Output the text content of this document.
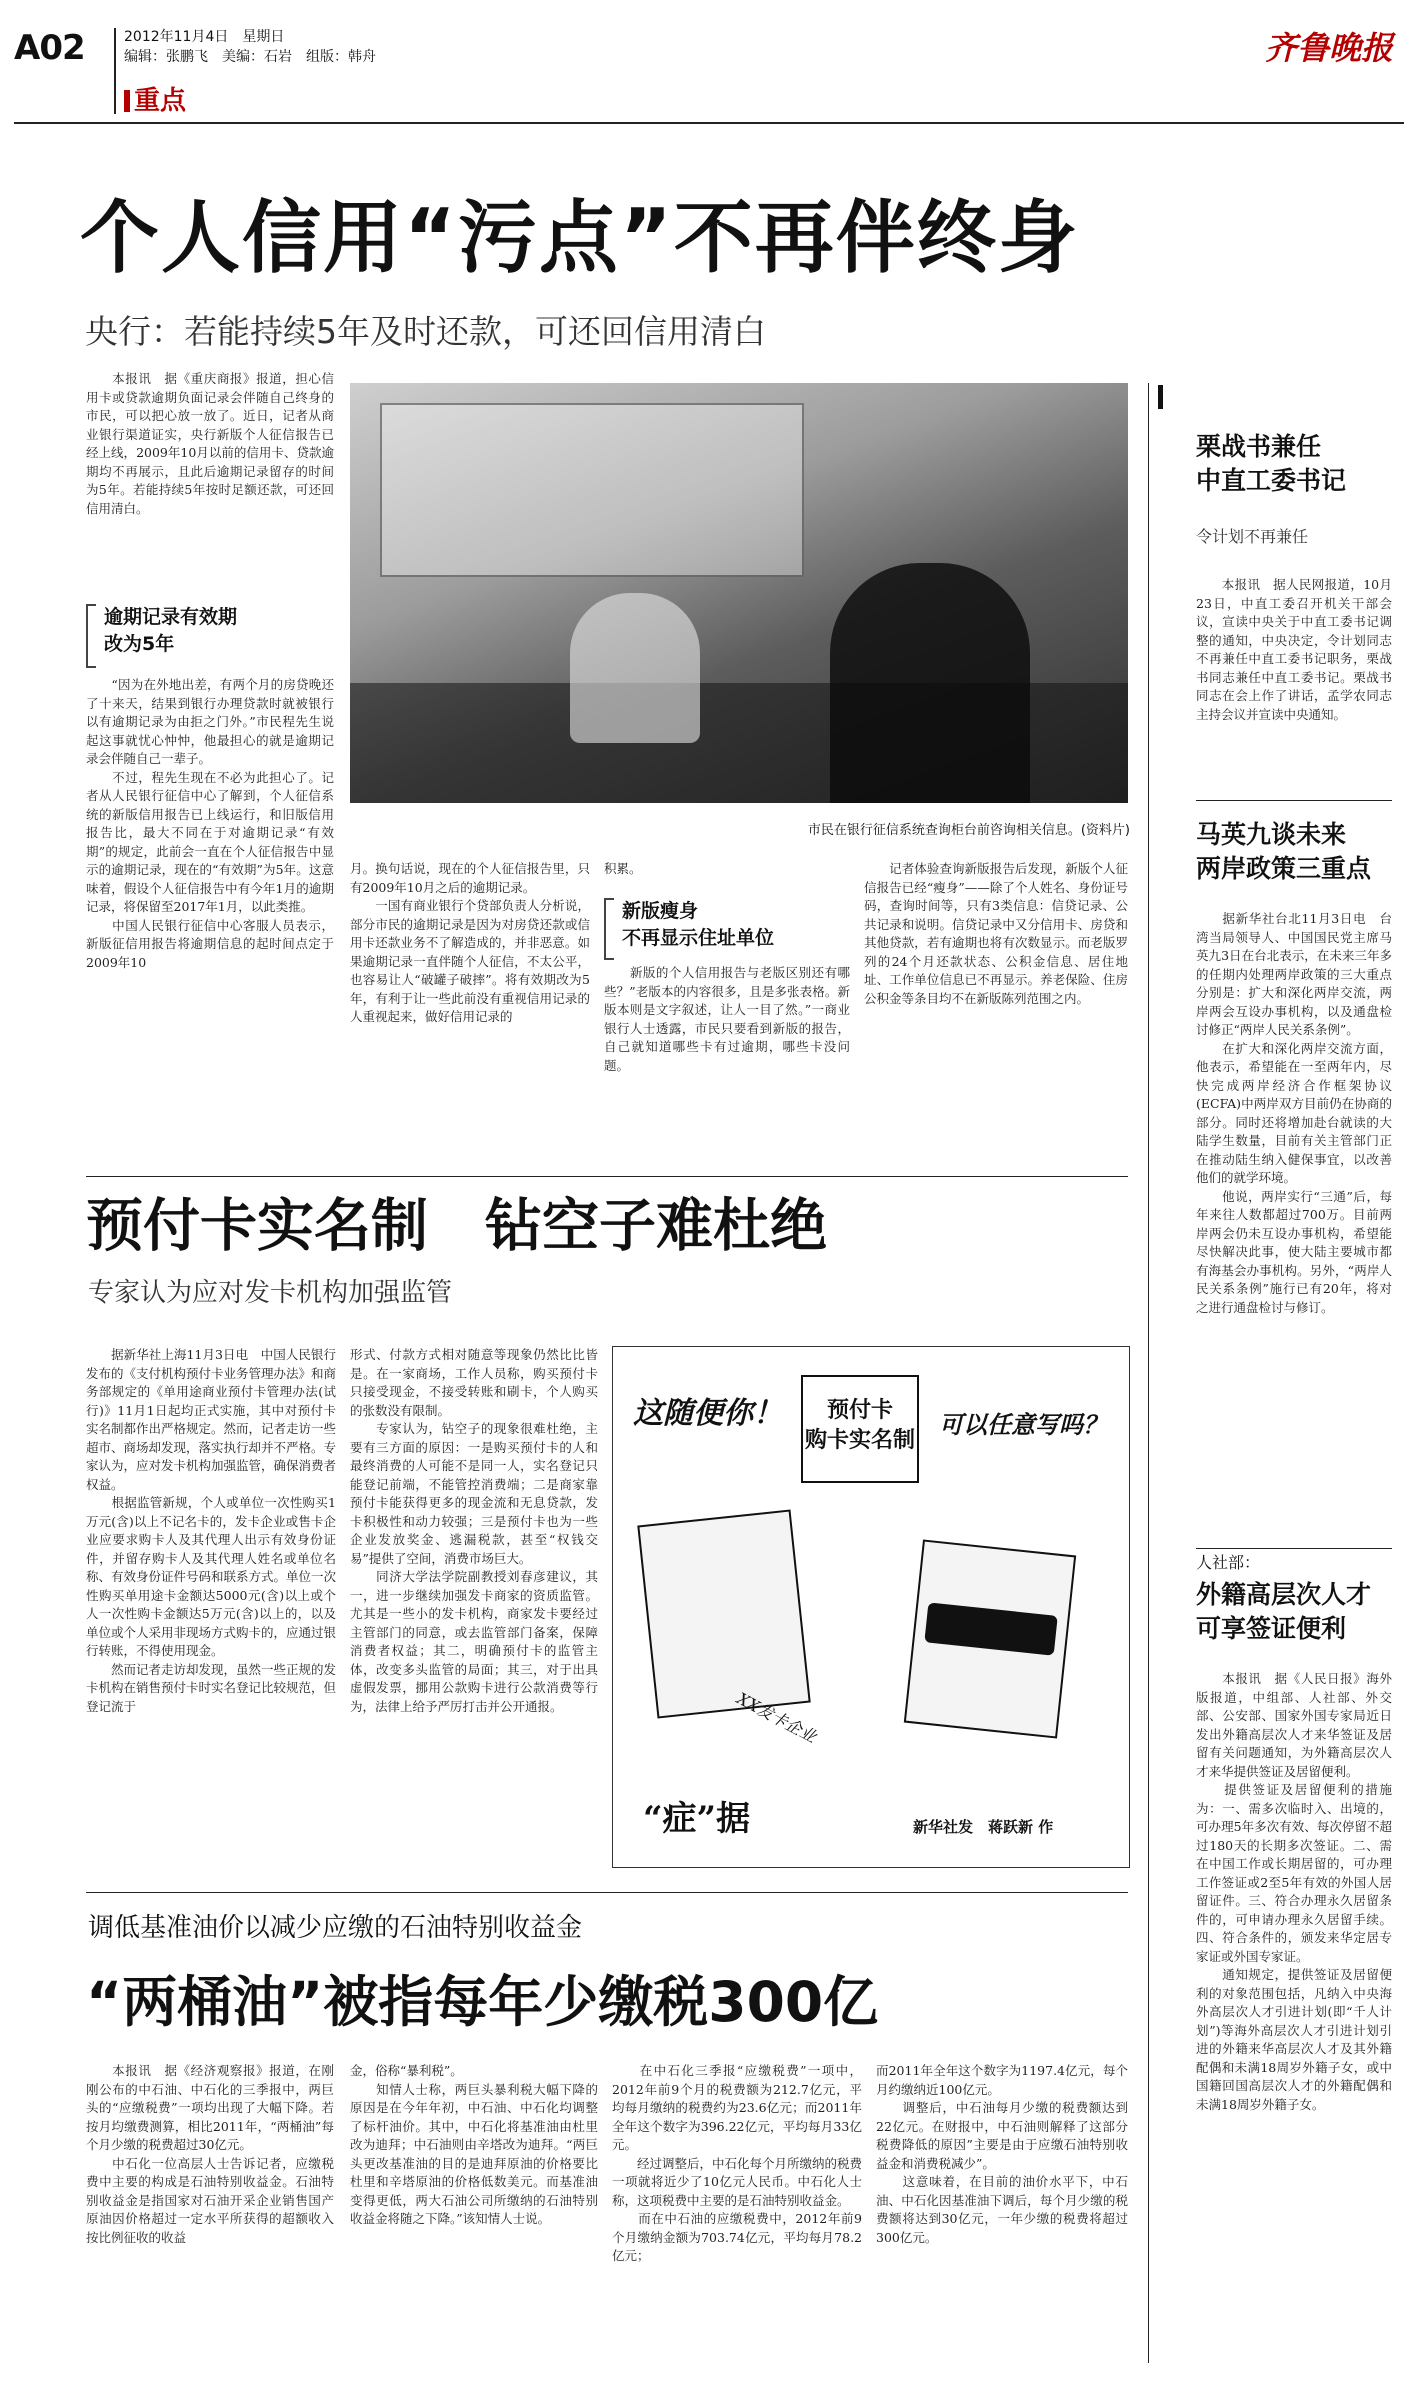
A02	2012年11月4日　星期日
编辑：张鹏飞　美编：石岩　组版：韩舟
重点
齐鲁晚报
个人信用“污点”不再伴终身
央行：若能持续5年及时还款，可还回信用清白
　　本报讯　据《重庆商报》报道，担心信用卡或贷款逾期负面记录会伴随自己终身的市民，可以把心放一放了。近日，记者从商业银行渠道证实，央行新版个人征信报告已经上线，2009年10月以前的信用卡、贷款逾期均不再展示，且此后逾期记录留存的时间为5年。若能持续5年按时足额还款，可还回信用清白。
逾期记录有效期
改为5年
　　“因为在外地出差，有两个月的房贷晚还了十来天，结果到银行办理贷款时就被银行以有逾期记录为由拒之门外。”市民程先生说起这事就忧心忡忡，他最担心的就是逾期记录会伴随自己一辈子。
　　不过，程先生现在不必为此担心了。记者从人民银行征信中心了解到，个人征信系统的新版信用报告已上线运行，和旧版信用报告比，最大不同在于对逾期记录“有效期”的规定，此前会一直在个人征信报告中显示的逾期记录，现在的“有效期”为5年。这意味着，假设个人征信报告中有今年1月的逾期记录，将保留至2017年1月，以此类推。
　　中国人民银行征信中心客服人员表示，新版征信用报告将逾期信息的起时间点定于2009年10
市民在银行征信系统查询柜台前咨询相关信息。(资料片)
月。换句话说，现在的个人征信报告里，只有2009年10月之后的逾期记录。
　　一国有商业银行个贷部负责人分析说，部分市民的逾期记录是因为对房贷还款或信用卡还款业务不了解造成的，并非恶意。如果逾期记录一直伴随个人征信，不太公平，也容易让人“破罐子破摔”。将有效期改为5年，有利于让一些此前没有重视信用记录的人重视起来，做好信用记录的
积累。
新版瘦身
不再显示住址单位
　　新版的个人信用报告与老版区别还有哪些？”老版本的内容很多，且是多张表格。新版本则是文字叙述，让人一目了然。”一商业银行人士透露，市民只要看到新版的报告，自己就知道哪些卡有过逾期，哪些卡没问题。
　　记者体验查询新版报告后发现，新版个人征信报告已经“瘦身”——除了个人姓名、身份证号码，查询时间等，只有3类信息：信贷记录、公共记录和说明。信贷记录中又分信用卡、房贷和其他贷款，若有逾期也将有次数显示。而老版罗列的24个月还款状态、公积金信息、居住地址、工作单位信息已不再显示。养老保险、住房公积金等条目均不在新版陈列范围之内。
栗战书兼任
中直工委书记
令计划不再兼任
　　本报讯　据人民网报道，10月23日，中直工委召开机关干部会议，宣读中央关于中直工委书记调整的通知，中央决定，令计划同志不再兼任中直工委书记职务，栗战书同志兼任中直工委书记。栗战书同志在会上作了讲话，孟学农同志主持会议并宣读中央通知。
马英九谈未来
两岸政策三重点
　　据新华社台北11月3日电　台湾当局领导人、中国国民党主席马英九3日在台北表示，在未来三年多的任期内处理两岸政策的三大重点分别是：扩大和深化两岸交流，两岸两会互设办事机构，以及通盘检讨修正“两岸人民关系条例”。
　　在扩大和深化两岸交流方面，他表示，希望能在一至两年内，尽快完成两岸经济合作框架协议(ECFA)中两岸双方目前仍在协商的部分。同时还将增加赴台就读的大陆学生数量，目前有关主管部门正在推动陆生纳入健保事宜，以改善他们的就学环境。
　　他说，两岸实行“三通”后，每年来往人数都超过700万。目前两岸两会仍未互设办事机构，希望能尽快解决此事，使大陆主要城市都有海基会办事机构。另外，“两岸人民关系条例”施行已有20年，将对之进行通盘检讨与修订。
人社部：
外籍高层次人才
可享签证便利
　　本报讯　据《人民日报》海外版报道，中组部、人社部、外交部、公安部、国家外国专家局近日发出外籍高层次人才来华签证及居留有关问题通知，为外籍高层次人才来华提供签证及居留便利。
　　提供签证及居留便利的措施为：一、需多次临时入、出境的，可办理5年多次有效、每次停留不超过180天的长期多次签证。二、需在中国工作或长期居留的，可办理工作签证或2至5年有效的外国人居留证件。三、符合办理永久居留条件的，可申请办理永久居留手续。四、符合条件的，颁发来华定居专家证或外国专家证。
　　通知规定，提供签证及居留便利的对象范围包括，凡纳入中央海外高层次人才引进计划(即“千人计划”)等海外高层次人才引进计划引进的外籍来华高层次人才及其外籍配偶和未满18周岁外籍子女，或中国籍回国高层次人才的外籍配偶和未满18周岁外籍子女。
预付卡实名制　钻空子难杜绝
专家认为应对发卡机构加强监管
　　据新华社上海11月3日电　中国人民银行发布的《支付机构预付卡业务管理办法》和商务部规定的《单用途商业预付卡管理办法(试行)》11月1日起均正式实施，其中对预付卡实名制都作出严格规定。然而，记者走访一些超市、商场却发现，落实执行却并不严格。专家认为，应对发卡机构加强监管，确保消费者权益。
　　根据监管新规，个人或单位一次性购买1万元(含)以上不记名卡的，发卡企业或售卡企业应要求购卡人及其代理人出示有效身份证件，并留存购卡人及其代理人姓名或单位名称、有效身份证件号码和联系方式。单位一次性购买单用途卡金额达5000元(含)以上或个人一次性购卡金额达5万元(含)以上的，以及单位或个人采用非现场方式购卡的，应通过银行转账，不得使用现金。
　　然而记者走访却发现，虽然一些正规的发卡机构在销售预付卡时实名登记比较规范，但登记流于
形式、付款方式相对随意等现象仍然比比皆是。在一家商场，工作人员称，购买预付卡只接受现金，不接受转账和刷卡，个人购买的张数没有限制。
　　专家认为，钻空子的现象很难杜绝，主要有三方面的原因：一是购买预付卡的人和最终消费的人可能不是同一人，实名登记只能登记前端，不能管控消费端；二是商家靠预付卡能获得更多的现金流和无息贷款，发卡积极性和动力较强；三是预付卡也为一些企业发放奖金、逃漏税款，甚至“权钱交易”提供了空间，消费市场巨大。
　　同济大学法学院副教授刘春彦建议，其一，进一步继续加强发卡商家的资质监管。尤其是一些小的发卡机构，商家发卡要经过主管部门的同意，或去监管部门备案，保障消费者权益；其二，明确预付卡的监管主体，改变多头监管的局面；其三，对于出具虚假发票，挪用公款购卡进行公款消费等行为，法律上给予严厉打击并公开通报。
这随便你！	预付卡
购卡实名制
可以任意写吗？
XX发卡企业
“症”据	新华社发　蒋跃新 作
调低基准油价以减少应缴的石油特别收益金
“两桶油”被指每年少缴税300亿
　　本报讯　据《经济观察报》报道，在刚刚公布的中石油、中石化的三季报中，两巨头的“应缴税费”一项均出现了大幅下降。若按月均缴费测算，相比2011年，“两桶油”每个月少缴的税费超过30亿元。
　　中石化一位高层人士告诉记者，应缴税费中主要的构成是石油特别收益金。石油特别收益金是指国家对石油开采企业销售国产原油因价格超过一定水平所获得的超额收入按比例征收的收益
金，俗称“暴利税”。
　　知情人士称，两巨头暴利税大幅下降的原因是在今年年初，中石油、中石化均调整了标杆油价。其中，中石化将基准油由杜里改为迪拜；中石油则由辛塔改为迪拜。“两巨头更改基准油的目的是迪拜原油的价格要比杜里和辛塔原油的价格低数美元。而基准油变得更低，两大石油公司所缴纳的石油特别收益金将随之下降。”该知情人士说。
　　在中石化三季报“应缴税费”一项中，2012年前9个月的税费额为212.7亿元，平均每月缴纳的税费约为23.6亿元；而2011年全年这个数字为396.22亿元，平均每月33亿元。
　　经过调整后，中石化每个月所缴纳的税费一项就将近少了10亿元人民币。中石化人士称，这项税费中主要的是石油特别收益金。
　　而在中石油的应缴税费中，2012年前9个月缴纳金额为703.74亿元，平均每月78.2亿元；
而2011年全年这个数字为1197.4亿元，每个月约缴纳近100亿元。
　　调整后，中石油每月少缴的税费额达到22亿元。在财报中，中石油则解释了这部分税费降低的原因”主要是由于应缴石油特别收益金和消费税减少”。
　　这意味着，在目前的油价水平下，中石油、中石化因基准油下调后，每个月少缴的税费额将达到30亿元，一年少缴的税费将超过300亿元。
